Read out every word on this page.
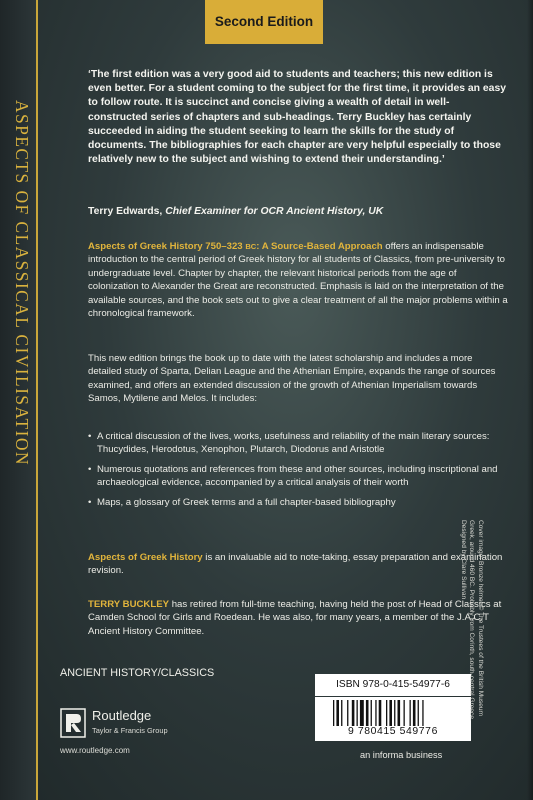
ASPECTS OF CLASSICAL CIVILISATION
Second Edition

‘The first edition was a very good aid to students and teachers; this new edition is even better. For a student coming to the subject for the first time, it provides an easy to follow route. It is succinct and concise giving a wealth of detail in well-constructed series of chapters and sub-headings. Terry Buckley has certainly succeeded in aiding the student seeking to learn the skills for the study of documents. The bibliographies for each chapter are very helpful especially to those relatively new to the subject and wishing to extend their understanding.’

Terry Edwards, Chief Examiner for OCR Ancient History, UK

Aspects of Greek History 750–323 BC: A Source-Based Approach offers an indispensable introduction to the central period of Greek history for all students of Classics, from pre-university to undergraduate level. Chapter by chapter, the relevant historical periods from the age of colonization to Alexander the Great are reconstructed. Emphasis is laid on the interpretation of the available sources, and the book sets out to give a clear treatment of all the major problems within a chronological framework.

This new edition brings the book up to date with the latest scholarship and includes a more detailed study of Sparta, Delian League and the Athenian Empire, expands the range of sources examined, and offers an extended discussion of the growth of Athenian Imperialism towards Samos, Mytilene and Melos. It includes:

• A critical discussion of the lives, works, usefulness and reliability of the main literary sources: Thucydides, Herodotus, Xenophon, Plutarch, Diodorus and Aristotle
• Numerous quotations and references from these and other sources, including inscriptional and archaeological evidence, accompanied by a critical analysis of their worth
• Maps, a glossary of Greek terms and a full chapter-based bibliography

Aspects of Greek History is an invaluable aid to note-taking, essay preparation and examination revision.

TERRY BUCKLEY has retired from full-time teaching, having held the post of Head of Classics at Camden School for Girls and Roedean. He was also, for many years, a member of the J.A.C.T Ancient History Committee.

ANCIENT HISTORY/CLASSICS

Routledge
Taylor & Francis Group

www.routledge.com

ISBN 978-0-415-54977-6
9 780415 549776

an informa business

Cover image: Bronze helmet © The Trustees of the British Museum
Greek, around 460 BC. Probably from Corinth, south-central Greece.
Designed by Clare Sullivan
